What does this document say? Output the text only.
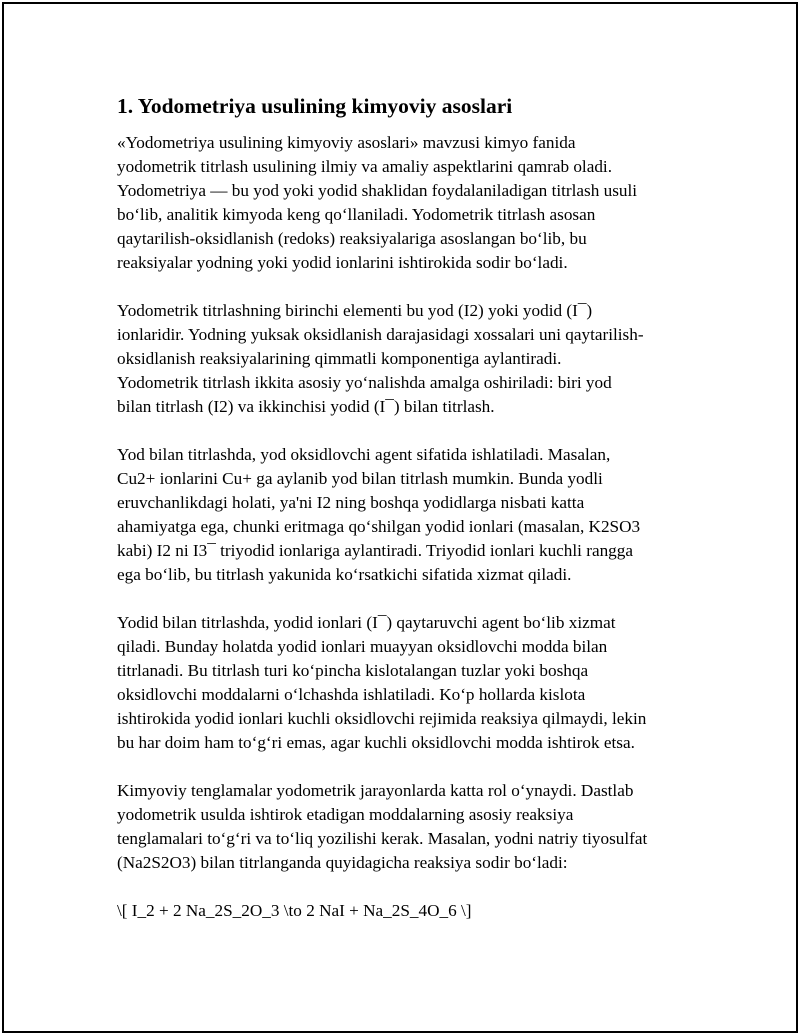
1. Yodometriya usulining kimyoviy asoslari
«Yodometriya usulining kimyoviy asoslari» mavzusi kimyo fanida
yodometrik titrlash usulining ilmiy va amaliy aspektlarini qamrab oladi.
Yodometriya — bu yod yoki yodid shaklidan foydalaniladigan titrlash usuli
bo‘lib, analitik kimyoda keng qo‘llaniladi. Yodometrik titrlash asosan
qaytarilish-oksidlanish (redoks) reaksiyalariga asoslangan bo‘lib, bu
reaksiyalar yodning yoki yodid ionlarini ishtirokida sodir bo‘ladi.
Yodometrik titrlashning birinchi elementi bu yod (I2) yoki yodid (I¯)
ionlaridir. Yodning yuksak oksidlanish darajasidagi xossalari uni qaytarilish-
oksidlanish reaksiyalarining qimmatli komponentiga aylantiradi.
Yodometrik titrlash ikkita asosiy yo‘nalishda amalga oshiriladi: biri yod
bilan titrlash (I2) va ikkinchisi yodid (I¯) bilan titrlash.
Yod bilan titrlashda, yod oksidlovchi agent sifatida ishlatiladi. Masalan,
Cu2+ ionlarini Cu+ ga aylanib yod bilan titrlash mumkin. Bunda yodli
eruvchanlikdagi holati, ya'ni I2 ning boshqa yodidlarga nisbati katta
ahamiyatga ega, chunki eritmaga qo‘shilgan yodid ionlari (masalan, K2SO3
kabi) I2 ni I3¯ triyodid ionlariga aylantiradi. Triyodid ionlari kuchli rangga
ega bo‘lib, bu titrlash yakunida ko‘rsatkichi sifatida xizmat qiladi.
Yodid bilan titrlashda, yodid ionlari (I¯) qaytaruvchi agent bo‘lib xizmat
qiladi. Bunday holatda yodid ionlari muayyan oksidlovchi modda bilan
titrlanadi. Bu titrlash turi ko‘pincha kislotalangan tuzlar yoki boshqa
oksidlovchi moddalarni o‘lchashda ishlatiladi. Ko‘p hollarda kislota
ishtirokida yodid ionlari kuchli oksidlovchi rejimida reaksiya qilmaydi, lekin
bu har doim ham to‘g‘ri emas, agar kuchli oksidlovchi modda ishtirok etsa.
Kimyoviy tenglamalar yodometrik jarayonlarda katta rol o‘ynaydi. Dastlab
yodometrik usulda ishtirok etadigan moddalarning asosiy reaksiya
tenglamalari to‘g‘ri va to‘liq yozilishi kerak. Masalan, yodni natriy tiyosulfat
(Na2S2O3) bilan titrlanganda quyidagicha reaksiya sodir bo‘ladi:

\[ I_2 + 2 Na_2S_2O_3 \to 2 NaI + Na_2S_4O_6 \]
